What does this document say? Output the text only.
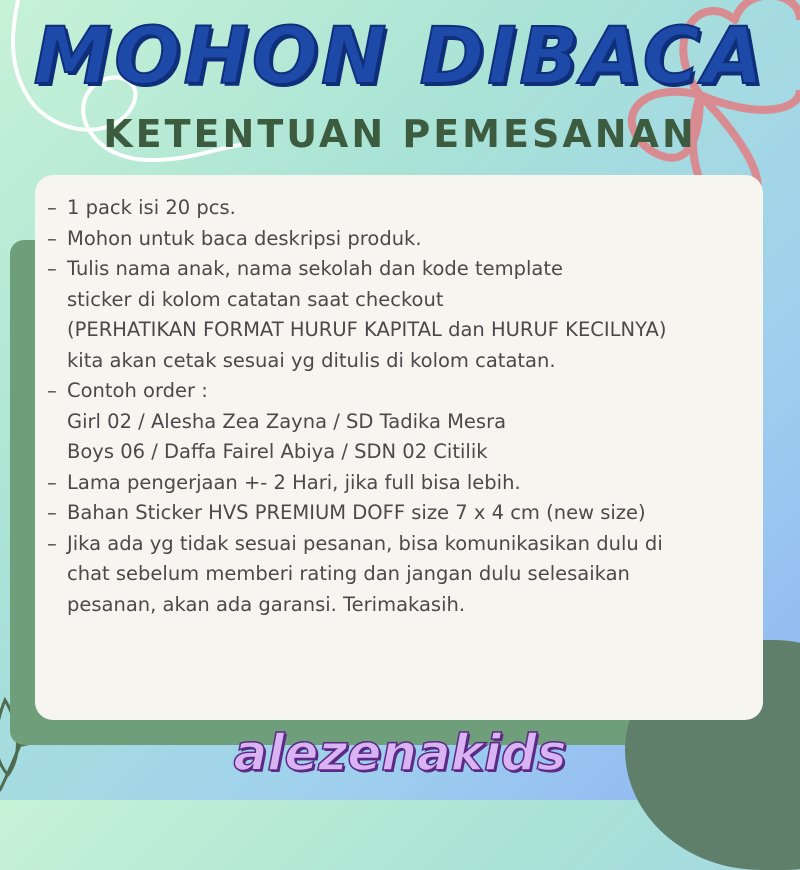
MOHON DIBACA
KETENTUAN PEMESANAN
– 1 pack isi 20 pcs.
– Mohon untuk baca deskripsi produk.
– Tulis nama anak, nama sekolah dan kode template
sticker di kolom catatan saat checkout
(PERHATIKAN FORMAT HURUF KAPITAL dan HURUF KECILNYA)
kita akan cetak sesuai yg ditulis di kolom catatan.
– Contoh order :
Girl 02 / Alesha Zea Zayna / SD Tadika Mesra
Boys 06 / Daffa Fairel Abiya / SDN 02 Citilik
– Lama pengerjaan +- 2 Hari, jika full bisa lebih.
– Bahan Sticker HVS PREMIUM DOFF size 7 x 4 cm (new size)
– Jika ada yg tidak sesuai pesanan, bisa komunikasikan dulu di
chat sebelum memberi rating dan jangan dulu selesaikan
pesanan, akan ada garansi. Terimakasih.
alezenakids
